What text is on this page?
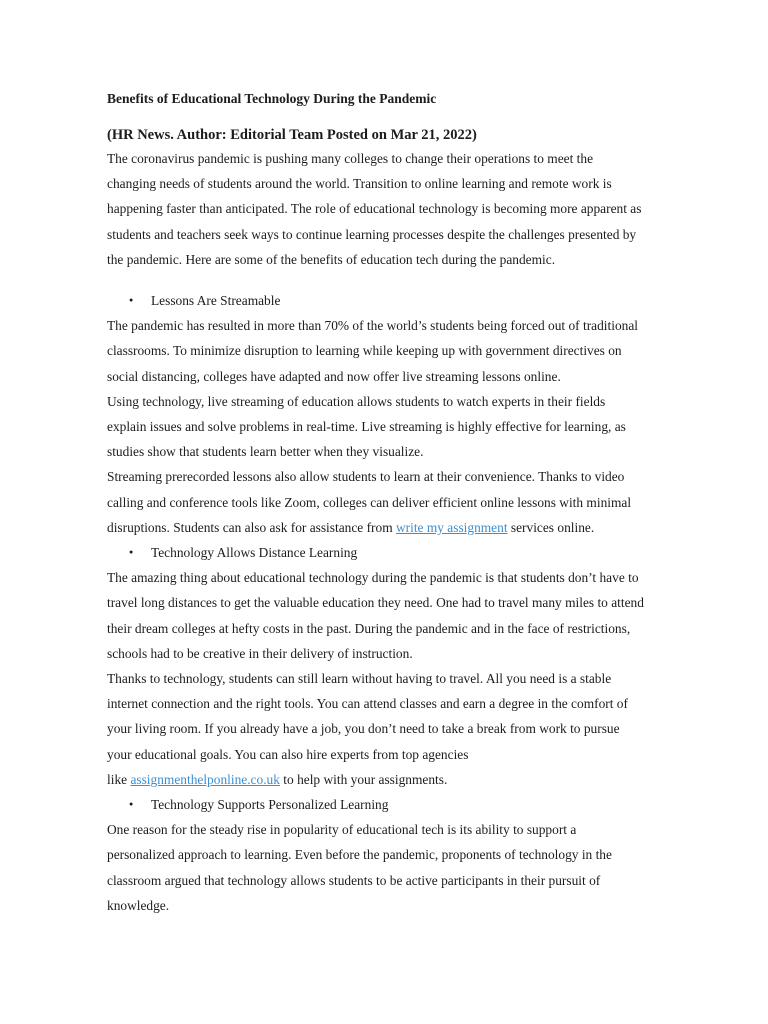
Benefits of Educational Technology During the Pandemic

(HR News. Author: Editorial Team Posted on Mar 21, 2022)

The coronavirus pandemic is pushing many colleges to change their operations to meet the

changing needs of students around the world. Transition to online learning and remote work is

happening faster than anticipated. The role of educational technology is becoming more apparent as

students and teachers seek ways to continue learning processes despite the challenges presented by

the pandemic. Here are some of the benefits of education tech during the pandemic.

● Lessons Are Streamable

The pandemic has resulted in more than 70% of the world’s students being forced out of traditional

classrooms. To minimize disruption to learning while keeping up with government directives on

social distancing, colleges have adapted and now offer live streaming lessons online.

Using technology, live streaming of education allows students to watch experts in their fields

explain issues and solve problems in real-time. Live streaming is highly effective for learning, as

studies show that students learn better when they visualize.

Streaming prerecorded lessons also allow students to learn at their convenience. Thanks to video

calling and conference tools like Zoom, colleges can deliver efficient online lessons with minimal

disruptions. Students can also ask for assistance from write my assignment services online.

● Technology Allows Distance Learning

The amazing thing about educational technology during the pandemic is that students don’t have to

travel long distances to get the valuable education they need. One had to travel many miles to attend

their dream colleges at hefty costs in the past. During the pandemic and in the face of restrictions,

schools had to be creative in their delivery of instruction.

Thanks to technology, students can still learn without having to travel. All you need is a stable

internet connection and the right tools. You can attend classes and earn a degree in the comfort of

your living room. If you already have a job, you don’t need to take a break from work to pursue

your educational goals. You can also hire experts from top agencies

like assignmenthelponline.co.uk to help with your assignments.

● Technology Supports Personalized Learning

One reason for the steady rise in popularity of educational tech is its ability to support a

personalized approach to learning. Even before the pandemic, proponents of technology in the

classroom argued that technology allows students to be active participants in their pursuit of

knowledge.
